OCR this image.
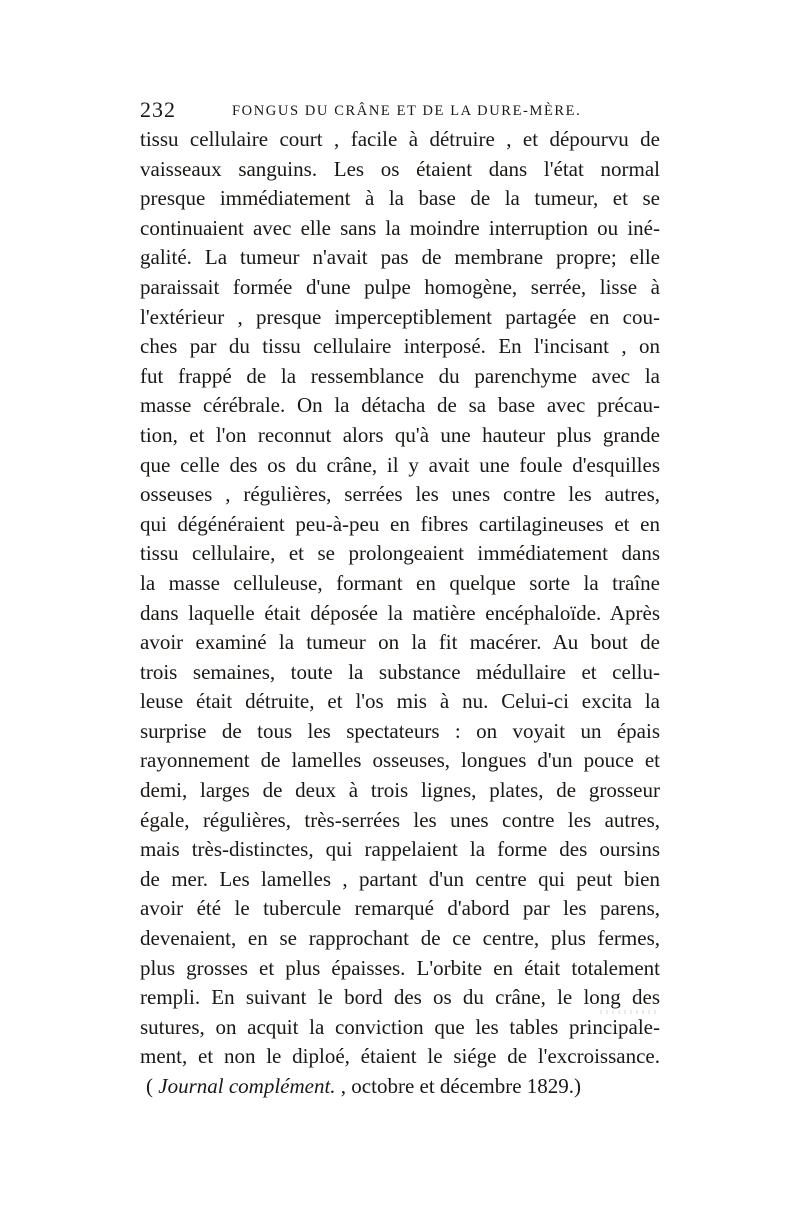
232	FONGUS DU CRÂNE ET DE LA DURE-MÈRE.
tissu cellulaire court , facile à détruire , et dépourvu de
vaisseaux sanguins. Les os étaient dans l'état normal
presque immédiatement à la base de la tumeur, et se
continuaient avec elle sans la moindre interruption ou iné-
galité. La tumeur n'avait pas de membrane propre; elle
paraissait formée d'une pulpe homogène, serrée, lisse à
l'extérieur , presque imperceptiblement partagée en cou-
ches par du tissu cellulaire interposé. En l'incisant , on
fut frappé de la ressemblance du parenchyme avec la
masse cérébrale. On la détacha de sa base avec précau-
tion, et l'on reconnut alors qu'à une hauteur plus grande
que celle des os du crâne, il y avait une foule d'esquilles
osseuses , régulières, serrées les unes contre les autres,
qui dégénéraient peu-à-peu en fibres cartilagineuses et en
tissu cellulaire, et se prolongeaient immédiatement dans
la masse celluleuse, formant en quelque sorte la traîne
dans laquelle était déposée la matière encéphaloïde. Après
avoir examiné la tumeur on la fit macérer. Au bout de
trois semaines, toute la substance médullaire et cellu-
leuse était détruite, et l'os mis à nu. Celui-ci excita la
surprise de tous les spectateurs : on voyait un épais
rayonnement de lamelles osseuses, longues d'un pouce et
demi, larges de deux à trois lignes, plates, de grosseur
égale, régulières, très-serrées les unes contre les autres,
mais très-distinctes, qui rappelaient la forme des oursins
de mer. Les lamelles , partant d'un centre qui peut bien
avoir été le tubercule remarqué d'abord par les parens,
devenaient, en se rapprochant de ce centre, plus fermes,
plus grosses et plus épaisses. L'orbite en était totalement
rempli. En suivant le bord des os du crâne, le long des
sutures, on acquit la conviction que les tables principale-
ment, et non le diploé, étaient le siége de l'excroissance.
( Journal complément. , octobre et décembre 1829.)
